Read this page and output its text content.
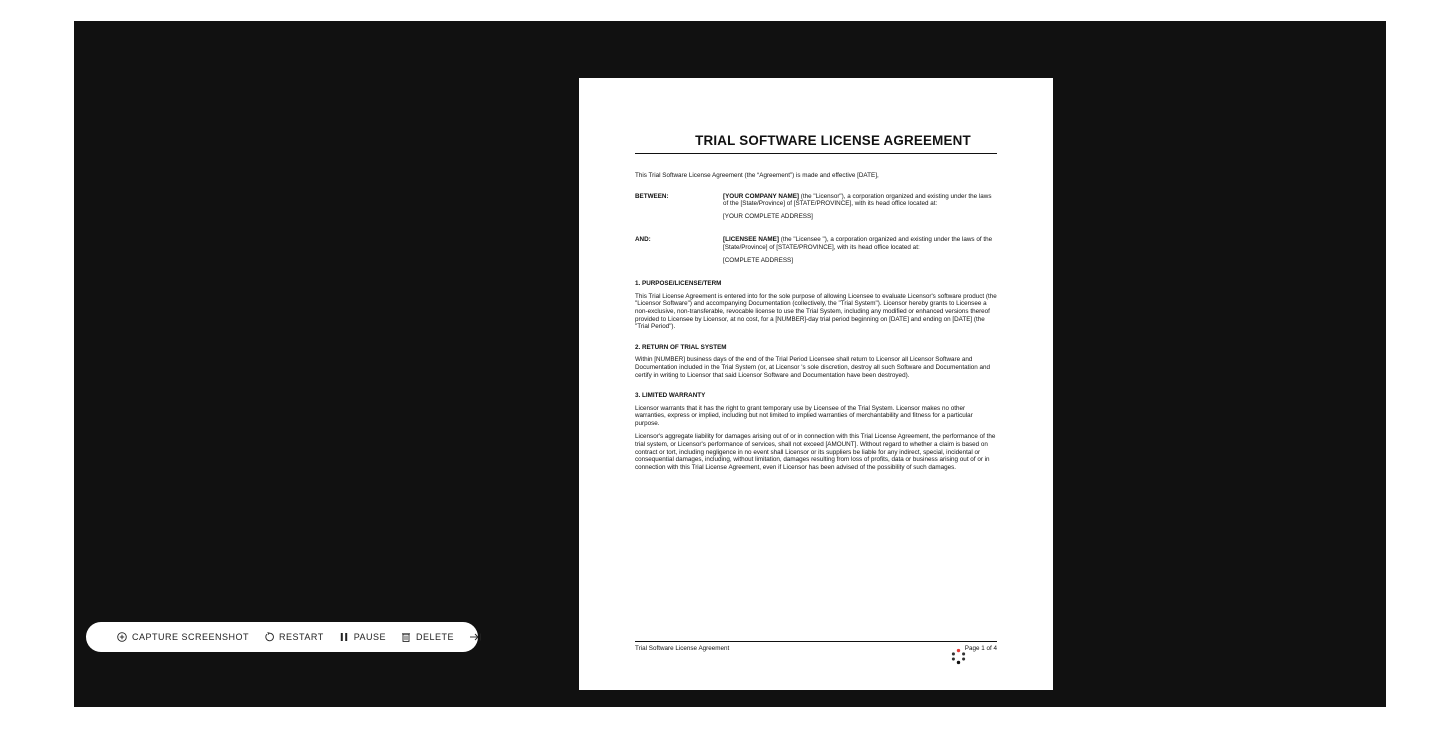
TRIAL SOFTWARE LICENSE AGREEMENT

This Trial Software License Agreement (the “Agreement”) is made and effective [DATE],

BETWEEN:	[YOUR COMPANY NAME] (the "Licensor"), a corporation organized and existing under the laws of the [State/Province] of [STATE/PROVINCE], with its head office located at:

[YOUR COMPLETE ADDRESS]

AND:	[LICENSEE NAME] (the "Licensee "), a corporation organized and existing under the laws of the [State/Province] of [STATE/PROVINCE], with its head office located at:

[COMPLETE ADDRESS]

1. PURPOSE/LICENSE/TERM

This Trial License Agreement is entered into for the sole purpose of allowing Licensee to evaluate Licensor's software product (the "Licensor Software") and accompanying Documentation (collectively, the "Trial System"). Licensor hereby grants to Licensee a non-exclusive, non-transferable, revocable license to use the Trial System, including any modified or enhanced versions thereof provided to Licensee by Licensor, at no cost, for a [NUMBER]-day trial period beginning on [DATE] and ending on [DATE] (the "Trial Period").

2. RETURN OF TRIAL SYSTEM

Within [NUMBER] business days of the end of the Trial Period Licensee shall return to Licensor all Licensor Software and Documentation included in the Trial System (or, at Licensor 's sole discretion, destroy all such Software and Documentation and certify in writing to Licensor that said Licensor Software and Documentation have been destroyed).

3. LIMITED WARRANTY

Licensor warrants that it has the right to grant temporary use by Licensee of the Trial System. Licensor makes no other warranties, express or implied, including but not limited to implied warranties of merchantability and fitness for a particular purpose.

Licensor's aggregate liability for damages arising out of or in connection with this Trial License Agreement, the performance of the trial system, or Licensor's performance of services, shall not exceed [AMOUNT]. Without regard to whether a claim is based on contract or tort, including negligence in no event shall Licensor or its suppliers be liable for any indirect, special, incidental or consequential damages, including, without limitation, damages resulting from loss of profits, data or business arising out of or in connection with this Trial License Agreement, even if Licensor has been advised of the possibility of such damages.

Trial Software License Agreement	Page 1 of 4
CAPTURE SCREENSHOT	RESTART	PAUSE	DELETE
